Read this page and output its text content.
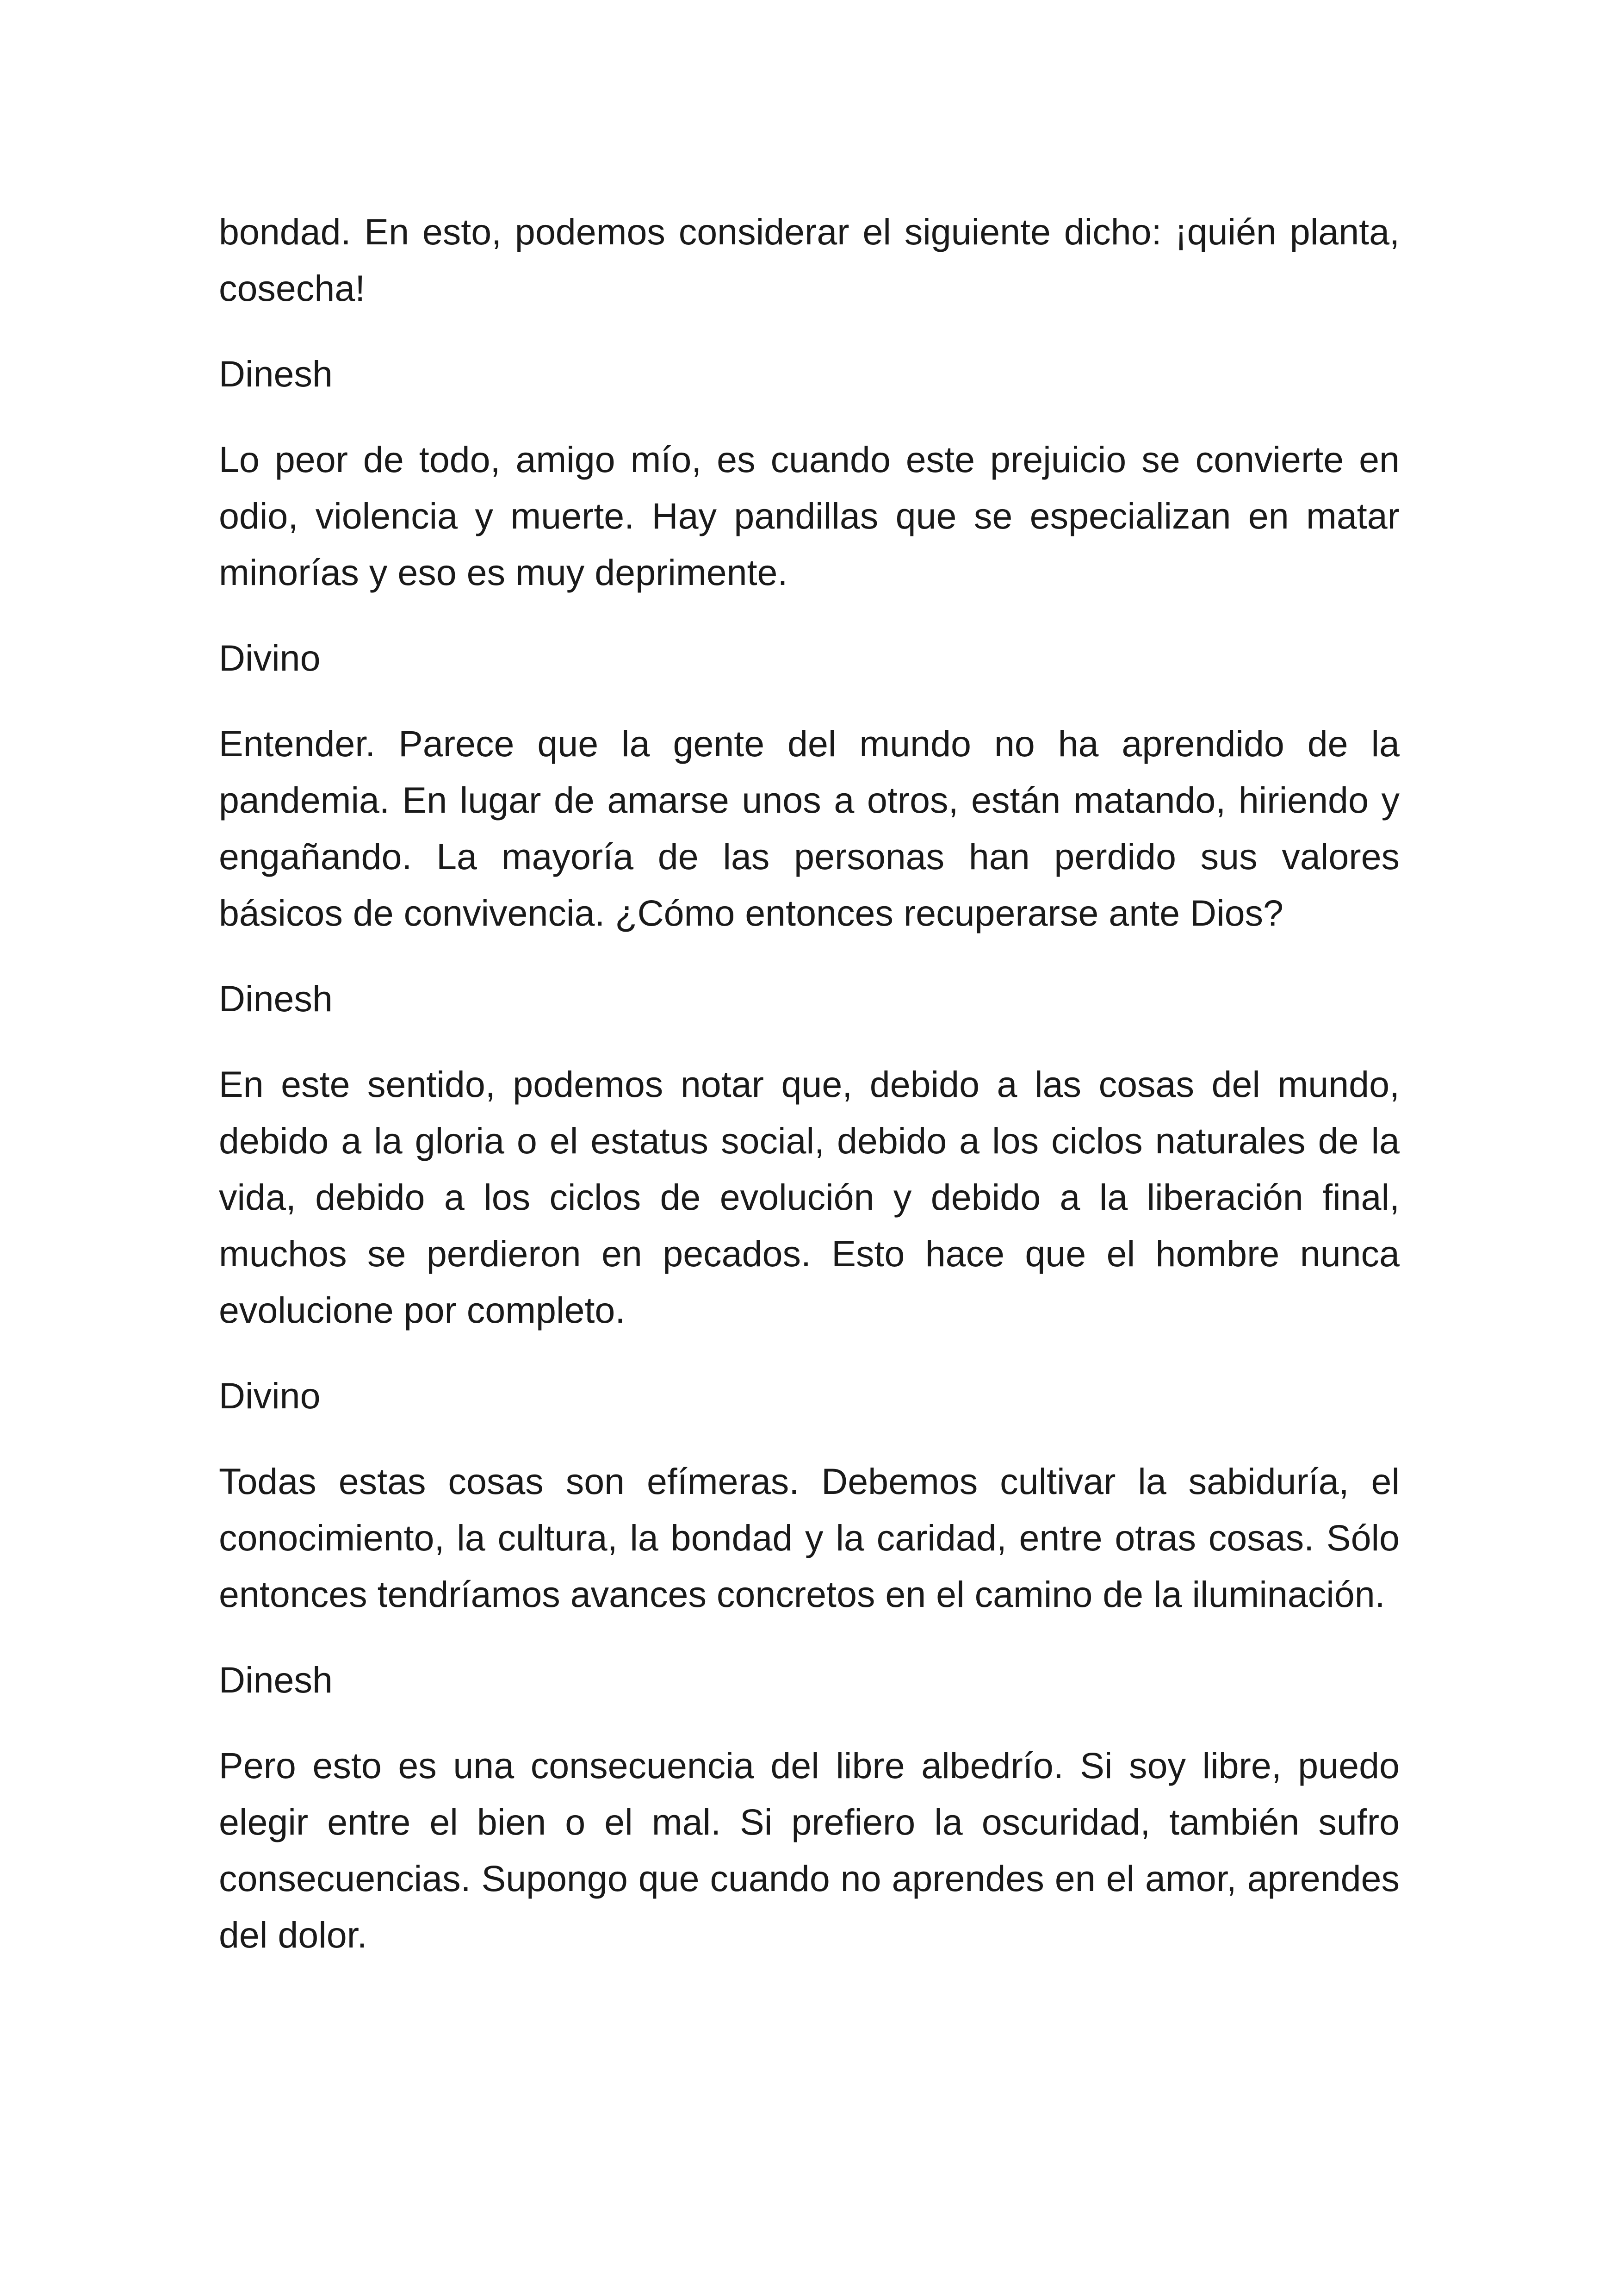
bondad. En esto, podemos considerar el siguiente dicho: ¡quién planta, cosecha!

Dinesh

Lo peor de todo, amigo mío, es cuando este prejuicio se convierte en odio, violencia y muerte. Hay pandillas que se especializan en matar minorías y eso es muy deprimente.

Divino

Entender. Parece que la gente del mundo no ha aprendido de la pandemia. En lugar de amarse unos a otros, están matando, hiriendo y engañando. La mayoría de las personas han perdido sus valores básicos de convivencia. ¿Cómo entonces recuperarse ante Dios?

Dinesh

En este sentido, podemos notar que, debido a las cosas del mundo, debido a la gloria o el estatus social, debido a los ciclos naturales de la vida, debido a los ciclos de evolución y debido a la liberación final, muchos se perdieron en pecados. Esto hace que el hombre nunca evolucione por completo.

Divino

Todas estas cosas son efímeras. Debemos cultivar la sabiduría, el conocimiento, la cultura, la bondad y la caridad, entre otras cosas. Sólo entonces tendríamos avances concretos en el camino de la iluminación.

Dinesh

Pero esto es una consecuencia del libre albedrío. Si soy libre, puedo elegir entre el bien o el mal. Si prefiero la oscuridad, también sufro consecuencias. Supongo que cuando no aprendes en el amor, aprendes del dolor.
